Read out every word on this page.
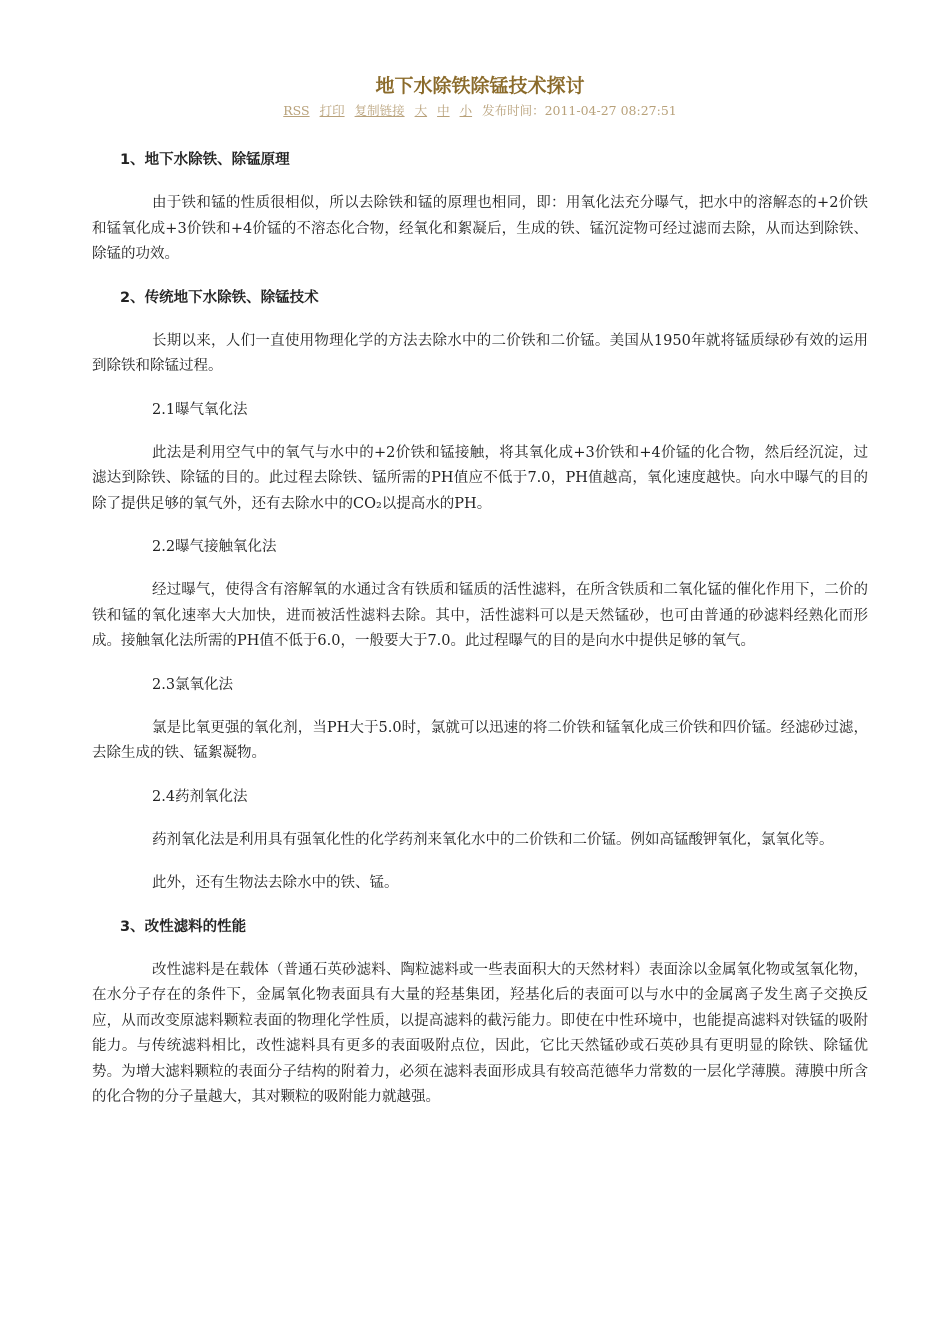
地下水除铁除锰技术探讨
RSS 打印 复制链接 大 中 小 发布时间：2011-04-27 08:27:51

1、地下水除铁、除锰原理

由于铁和锰的性质很相似，所以去除铁和锰的原理也相同，即：用氧化法充分曝气，把水中的溶解态的+2价铁和锰氧化成+3价铁和+4价锰的不溶态化合物，经氧化和絮凝后，生成的铁、锰沉淀物可经过滤而去除，从而达到除铁、除锰的功效。

2、传统地下水除铁、除锰技术

长期以来，人们一直使用物理化学的方法去除水中的二价铁和二价锰。美国从1950年就将锰质绿砂有效的运用到除铁和除锰过程。

2.1曝气氧化法

此法是利用空气中的氧气与水中的+2价铁和锰接触，将其氧化成+3价铁和+4价锰的化合物，然后经沉淀，过滤达到除铁、除锰的目的。此过程去除铁、锰所需的PH值应不低于7.0，PH值越高，氧化速度越快。向水中曝气的目的除了提供足够的氧气外，还有去除水中的CO₂以提高水的PH。

2.2曝气接触氧化法

经过曝气，使得含有溶解氧的水通过含有铁质和锰质的活性滤料，在所含铁质和二氧化锰的催化作用下，二价的铁和锰的氧化速率大大加快，进而被活性滤料去除。其中，活性滤料可以是天然锰砂，也可由普通的砂滤料经熟化而形成。接触氧化法所需的PH值不低于6.0，一般要大于7.0。此过程曝气的目的是向水中提供足够的氧气。

2.3氯氧化法

氯是比氧更强的氧化剂，当PH大于5.0时，氯就可以迅速的将二价铁和锰氧化成三价铁和四价锰。经滤砂过滤，去除生成的铁、锰絮凝物。

2.4药剂氧化法

药剂氧化法是利用具有强氧化性的化学药剂来氧化水中的二价铁和二价锰。例如高锰酸钾氧化，氯氧化等。

此外，还有生物法去除水中的铁、锰。

3、改性滤料的性能

改性滤料是在载体（普通石英砂滤料、陶粒滤料或一些表面积大的天然材料）表面涂以金属氧化物或氢氧化物，在水分子存在的条件下，金属氧化物表面具有大量的羟基集团，羟基化后的表面可以与水中的金属离子发生离子交换反应，从而改变原滤料颗粒表面的物理化学性质，以提高滤料的截污能力。即使在中性环境中，也能提高滤料对铁锰的吸附能力。与传统滤料相比，改性滤料具有更多的表面吸附点位，因此，它比天然锰砂或石英砂具有更明显的除铁、除锰优势。为增大滤料颗粒的表面分子结构的附着力，必须在滤料表面形成具有较高范德华力常数的一层化学薄膜。薄膜中所含的化合物的分子量越大，其对颗粒的吸附能力就越强。
